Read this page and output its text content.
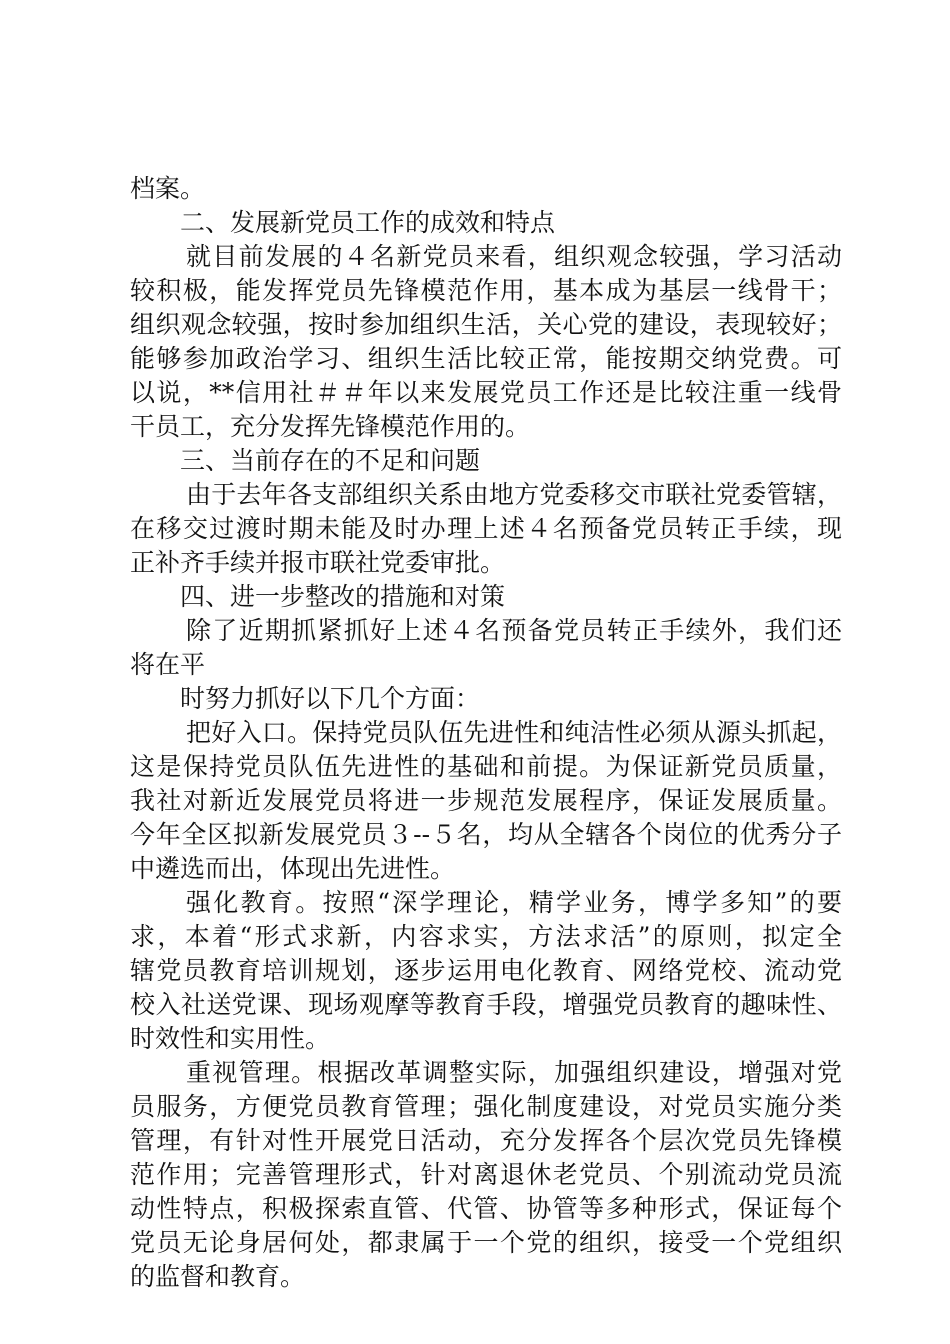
档案。
二、发展新党员工作的成效和特点
就目前发展的４名新党员来看，组织观念较强，学习活动
较积极，能发挥党员先锋模范作用，基本成为基层一线骨干；
组织观念较强，按时参加组织生活，关心党的建设，表现较好；
能够参加政治学习、组织生活比较正常，能按期交纳党费。可
以说，**信用社＃＃年以来发展党员工作还是比较注重一线骨
干员工，充分发挥先锋模范作用的。
三、当前存在的不足和问题
由于去年各支部组织关系由地方党委移交市联社党委管辖，
在移交过渡时期未能及时办理上述４名预备党员转正手续，现
正补齐手续并报市联社党委审批。
四、进一步整改的措施和对策
除了近期抓紧抓好上述４名预备党员转正手续外，我们还
将在平
时努力抓好以下几个方面：
把好入口。保持党员队伍先进性和纯洁性必须从源头抓起，
这是保持党员队伍先进性的基础和前提。为保证新党员质量，
我社对新近发展党员将进一步规范发展程序，保证发展质量。
今年全区拟新发展党员３--５名，均从全辖各个岗位的优秀分子
中遴选而出，体现出先进性。
强化教育。按照“深学理论，精学业务，博学多知”的要
求，本着“形式求新，内容求实，方法求活”的原则，拟定全
辖党员教育培训规划，逐步运用电化教育、网络党校、流动党
校入社送党课、现场观摩等教育手段，增强党员教育的趣味性、
时效性和实用性。
重视管理。根据改革调整实际，加强组织建设，增强对党
员服务，方便党员教育管理；强化制度建设，对党员实施分类
管理，有针对性开展党日活动，充分发挥各个层次党员先锋模
范作用；完善管理形式，针对离退休老党员、个别流动党员流
动性特点，积极探索直管、代管、协管等多种形式，保证每个
党员无论身居何处，都隶属于一个党的组织，接受一个党组织
的监督和教育。
